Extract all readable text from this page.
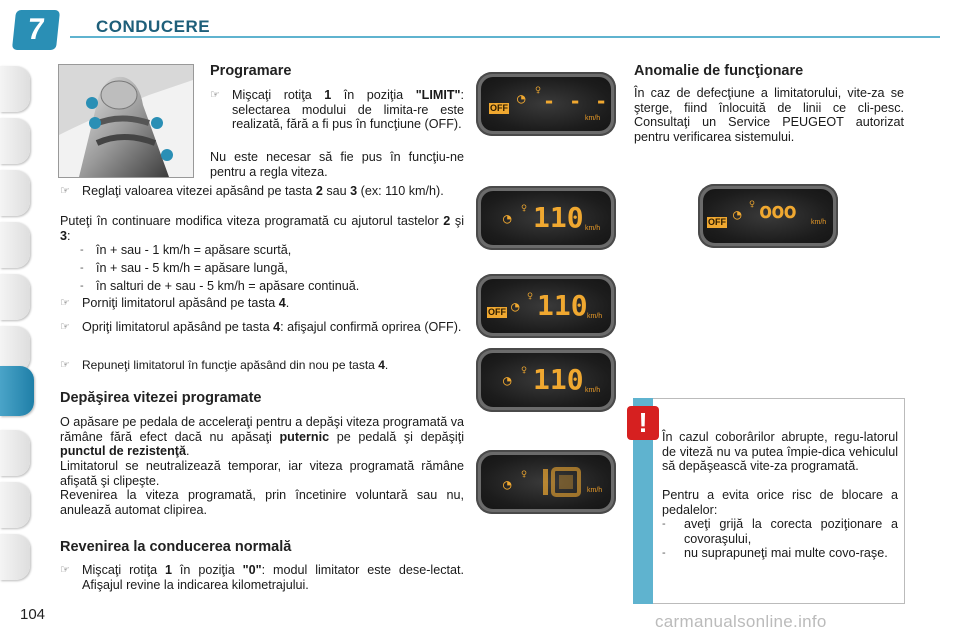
7	CONDUCERE
104
Programare
☞ Mişcaţi rotiţa 1 în poziţia "LIMIT": selectarea modului de limita-re este realizată, fără a fi pus în funcţiune (OFF).
Nu este necesar să fie pus în funcţiu-ne pentru a regla viteza.
☞ Reglaţi valoarea vitezei apăsând pe tasta 2 sau 3 (ex: 110 km/h).
Puteţi în continuare modifica viteza programată cu ajutorul tastelor 2 şi 3:
- în + sau - 1 km/h = apăsare scurtă,
- în + sau - 5 km/h = apăsare lungă,
- în salturi de + sau - 5 km/h = apăsare continuă.
☞ Porniţi limitatorul apăsând pe tasta 4.
☞ Opriţi limitatorul apăsând pe tasta 4: afişajul confirmă oprirea (OFF).
☞ Repuneţi limitatorul în funcţie apăsând din nou pe tasta 4.
Depăşirea vitezei programate
O apăsare pe pedala de acceleraţi pentru a depăşi viteza programată va rămâne fără efect dacă nu apăsaţi puternic pe pedală şi depăşiţi punctul de rezistenţă.
Limitatorul se neutralizează temporar, iar viteza programată rămâne afişată şi clipeşte.
Revenirea la viteza programată, prin încetinire voluntară sau nu, anulează automat clipirea.
Revenirea la conducerea normală
☞ Mişcaţi rotiţa 1 în poziţia "0": modul limitator este dese-lectat. Afişajul revine la indicarea kilometrajului.
OFF
◔
♀ - - -
km/h
◔
♀ 110 km/h
OFF ◔
♀ 110 km/h
◔
♀ 110 km/h
◔
♀
km/h
OFF ◔
♀ ooo km/h
Anomalie de funcţionare
În caz de defecţiune a limitatorului, vite-za se şterge, fiind înlocuită de linii ce cli-pesc. Consultaţi un Service PEUGEOT autorizat pentru verificarea sistemului.
!	În cazul coborârilor abrupte, regu-latorul de viteză nu va putea împie-dica vehiculul să depăşească vite-za programată.
Pentru a evita orice risc de blocare a pedalelor:
- aveţi grijă la corecta poziţionare a covoraşului,
- nu suprapuneţi mai multe covo-raşe.
carmanualsonline.info
